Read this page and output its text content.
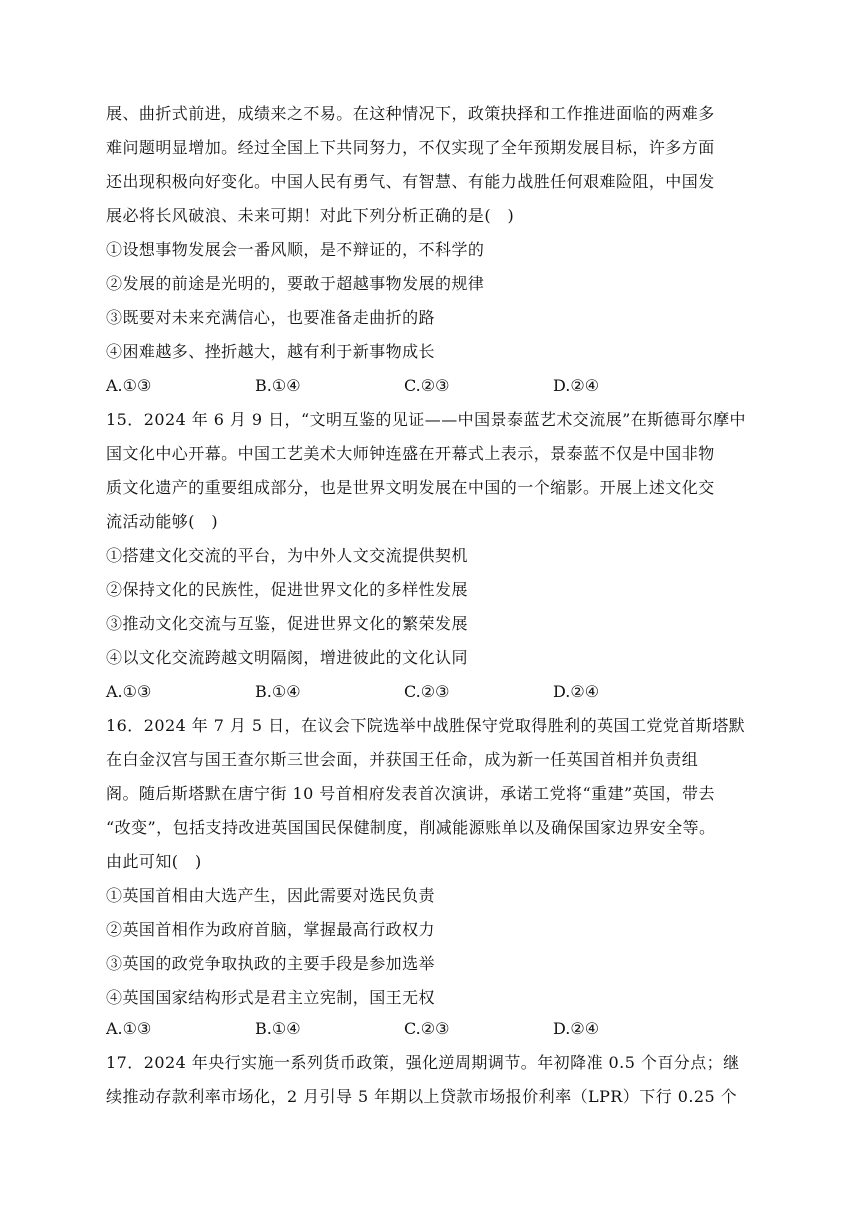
展、曲折式前进，成绩来之不易。在这种情况下，政策抉择和工作推进面临的两难多
难问题明显增加。经过全国上下共同努力，不仅实现了全年预期发展目标，许多方面
还出现积极向好变化。中国人民有勇气、有智慧、有能力战胜任何艰难险阻，中国发
展必将长风破浪、未来可期！对此下列分析正确的是(　)
①设想事物发展会一番风顺，是不辩证的，不科学的
②发展的前途是光明的，要敢于超越事物发展的规律
③既要对未来充满信心，也要准备走曲折的路
④困难越多、挫折越大，越有利于新事物成长
A.①③	B.①④	C.②③	D.②④
15．2024 年 6 月 9 日，“文明互鉴的见证——中国景泰蓝艺术交流展”在斯德哥尔摩中
国文化中心开幕。中国工艺美术大师钟连盛在开幕式上表示，景泰蓝不仅是中国非物
质文化遗产的重要组成部分，也是世界文明发展在中国的一个缩影。开展上述文化交
流活动能够(　)
①搭建文化交流的平台，为中外人文交流提供契机
②保持文化的民族性，促进世界文化的多样性发展
③推动文化交流与互鉴，促进世界文化的繁荣发展
④以文化交流跨越文明隔阂，增进彼此的文化认同
A.①③	B.①④	C.②③	D.②④
16．2024 年 7 月 5 日，在议会下院选举中战胜保守党取得胜利的英国工党党首斯塔默
在白金汉宫与国王查尔斯三世会面，并获国王任命，成为新一任英国首相并负责组
阁。随后斯塔默在唐宁街 10 号首相府发表首次演讲，承诺工党将“重建”英国，带去
“改变”，包括支持改进英国国民保健制度，削减能源账单以及确保国家边界安全等。
由此可知(　)
①英国首相由大选产生，因此需要对选民负责
②英国首相作为政府首脑，掌握最高行政权力
③英国的政党争取执政的主要手段是参加选举
④英国国家结构形式是君主立宪制，国王无权
A.①③	B.①④	C.②③	D.②④
17．2024 年央行实施一系列货币政策，强化逆周期调节。年初降准 0.5 个百分点；继
续推动存款利率市场化，2 月引导 5 年期以上贷款市场报价利率（LPR）下行 0.25 个
